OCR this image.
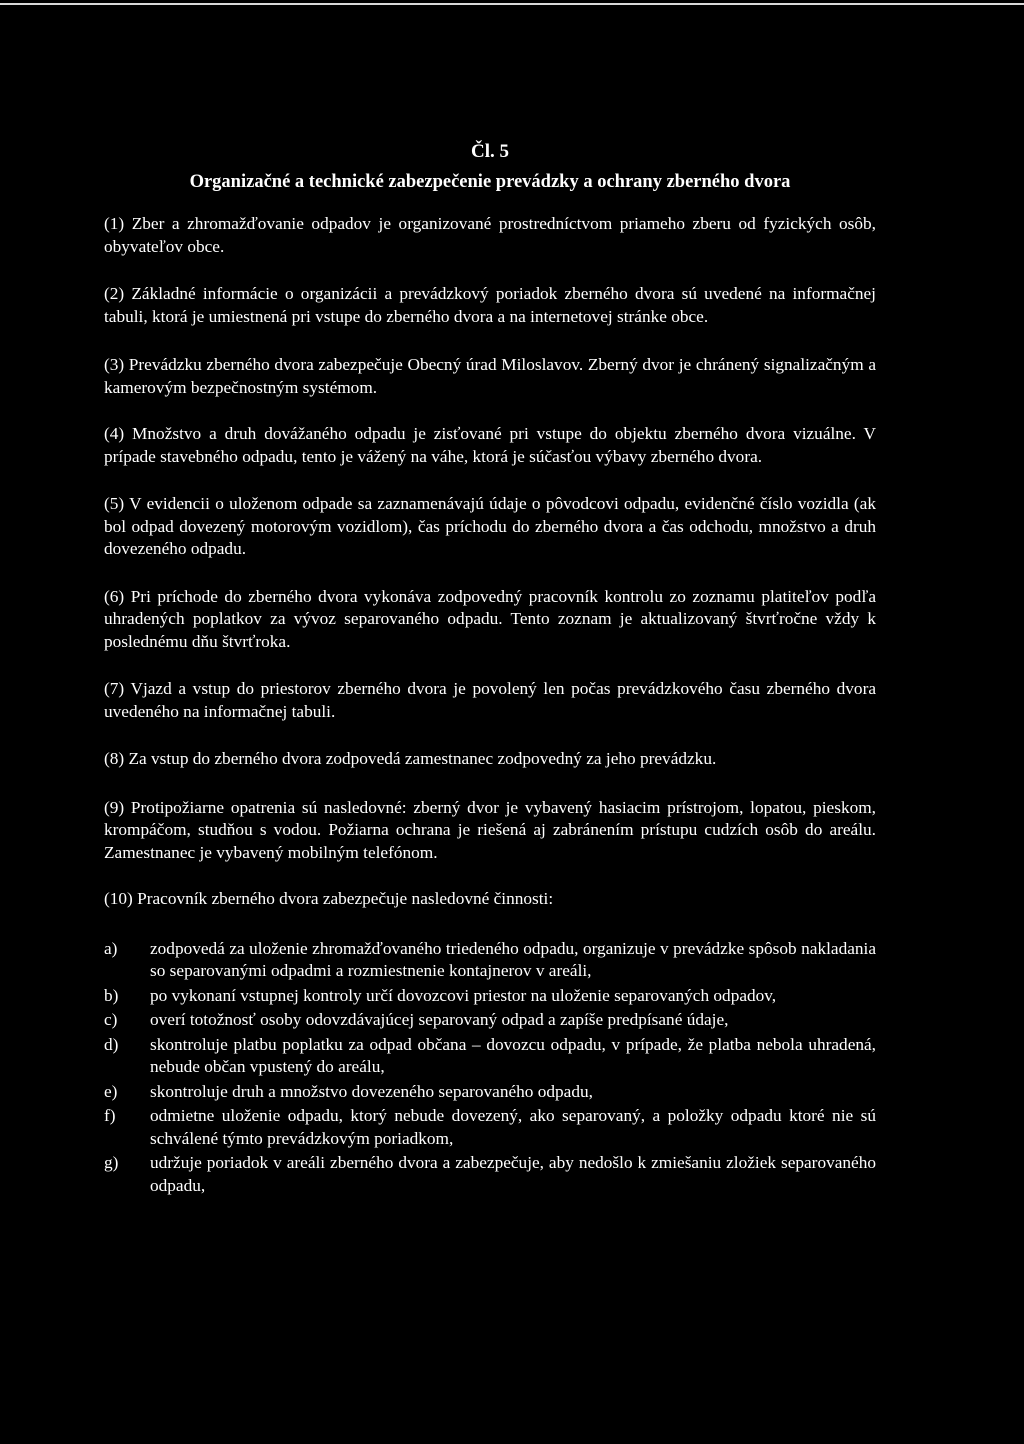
Čl. 5

Organizačné a technické zabezpečenie prevádzky a ochrany zberného dvora

(1) Zber a zhromažďovanie odpadov je organizované prostredníctvom priameho zberu od fyzických osôb, obyvateľov obce.

(2) Základné informácie o organizácii a prevádzkový poriadok zberného dvora sú uvedené na informačnej tabuli, ktorá je umiestnená pri vstupe do zberného dvora a na internetovej stránke obce.

(3) Prevádzku zberného dvora zabezpečuje Obecný úrad Miloslavov. Zberný dvor je chránený signalizačným a kamerovým bezpečnostným systémom.

(4) Množstvo a druh dovážaného odpadu je zisťované pri vstupe do objektu zberného dvora vizuálne. V prípade stavebného odpadu, tento je vážený na váhe, ktorá je súčasťou výbavy zberného dvora.

(5) V evidencii o uloženom odpade sa zaznamenávajú údaje o pôvodcovi odpadu, evidenčné číslo vozidla (ak bol odpad dovezený motorovým vozidlom), čas príchodu do zberného dvora a čas odchodu, množstvo a druh dovezeného odpadu.

(6) Pri príchode do zberného dvora vykonáva zodpovedný pracovník kontrolu zo zoznamu platiteľov podľa uhradených poplatkov za vývoz separovaného odpadu. Tento zoznam je aktualizovaný štvrťročne vždy k poslednému dňu štvrťroka.

(7) Vjazd a vstup do priestorov zberného dvora je povolený len počas prevádzkového času zberného dvora uvedeného na informačnej tabuli.

(8) Za vstup do zberného dvora zodpovedá zamestnanec zodpovedný za jeho prevádzku.

(9) Protipožiarne opatrenia sú nasledovné: zberný dvor je vybavený hasiacim prístrojom, lopatou, pieskom, krompáčom, studňou s vodou. Požiarna ochrana je riešená aj zabránením prístupu cudzích osôb do areálu. Zamestnanec je vybavený mobilným telefónom.

(10) Pracovník zberného dvora zabezpečuje nasledovné činnosti:

a)	zodpovedá za uloženie zhromažďovaného triedeného odpadu, organizuje v prevádzke spôsob nakladania so separovanými odpadmi a rozmiestnenie kontajnerov v areáli,
b)	po vykonaní vstupnej kontroly určí dovozcovi priestor na uloženie separovaných odpadov,
c)	overí totožnosť osoby odovzdávajúcej separovaný odpad a zapíše predpísané údaje,
d)	skontroluje platbu poplatku za odpad občana – dovozcu odpadu, v prípade, že platba nebola uhradená, nebude občan vpustený do areálu,
e)	skontroluje druh a množstvo dovezeného separovaného odpadu,
f)	odmietne uloženie odpadu, ktorý nebude dovezený, ako separovaný, a položky odpadu ktoré nie sú schválené týmto prevádzkovým poriadkom,
g)	udržuje poriadok v areáli zberného dvora a zabezpečuje, aby nedošlo k zmiešaniu zložiek separovaného odpadu,
